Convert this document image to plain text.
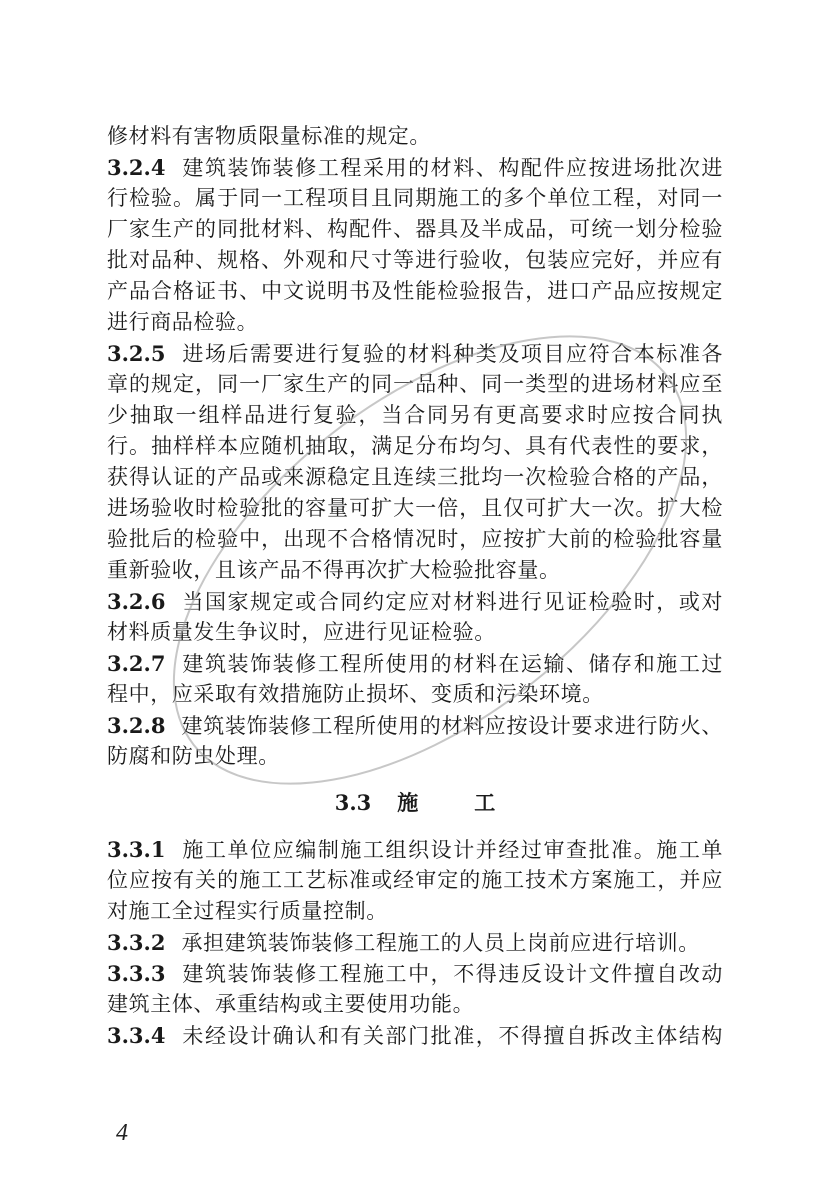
修材料有害物质限量标准的规定。
3.2.4 建筑装饰装修工程采用的材料、构配件应按进场批次进
行检验。属于同一工程项目且同期施工的多个单位工程，对同一
厂家生产的同批材料、构配件、器具及半成品，可统一划分检验
批对品种、规格、外观和尺寸等进行验收，包装应完好，并应有
产品合格证书、中文说明书及性能检验报告，进口产品应按规定
进行商品检验。
3.2.5 进场后需要进行复验的材料种类及项目应符合本标准各
章的规定，同一厂家生产的同一品种、同一类型的进场材料应至
少抽取一组样品进行复验，当合同另有更高要求时应按合同执
行。抽样样本应随机抽取，满足分布均匀、具有代表性的要求，
获得认证的产品或来源稳定且连续三批均一次检验合格的产品，
进场验收时检验批的容量可扩大一倍，且仅可扩大一次。扩大检
验批后的检验中，出现不合格情况时，应按扩大前的检验批容量
重新验收，且该产品不得再次扩大检验批容量。
3.2.6 当国家规定或合同约定应对材料进行见证检验时，或对
材料质量发生争议时，应进行见证检验。
3.2.7 建筑装饰装修工程所使用的材料在运输、储存和施工过
程中，应采取有效措施防止损坏、变质和污染环境。
3.2.8 建筑装饰装修工程所使用的材料应按设计要求进行防火、
防腐和防虫处理。
3.3 施	工
3.3.1 施工单位应编制施工组织设计并经过审查批准。施工单
位应按有关的施工工艺标准或经审定的施工技术方案施工，并应
对施工全过程实行质量控制。
3.3.2 承担建筑装饰装修工程施工的人员上岗前应进行培训。
3.3.3 建筑装饰装修工程施工中，不得违反设计文件擅自改动
建筑主体、承重结构或主要使用功能。
3.3.4 未经设计确认和有关部门批准，不得擅自拆改主体结构
4
